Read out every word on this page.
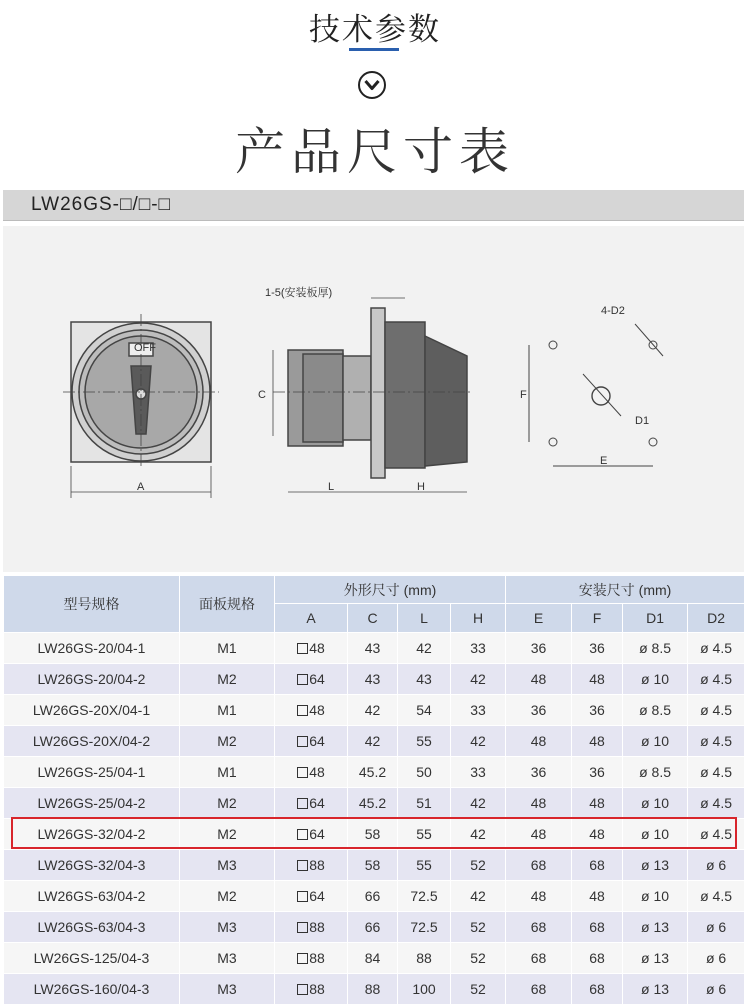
技术参数
产品尺寸表
LW26GS-□/□-□
OFF
A
1-5(安装板厚)
C
L	H
F
E
D1
4-D2
型号规格	面板规格	外形尺寸 (mm)				安装尺寸 (mm)			
		A	C	L	H	E	F	D1	D2
LW26GS-20/04-1	M1	48	43	42	33	36	36	ø 8.5	ø 4.5
LW26GS-20/04-2	M2	64	43	43	42	48	48	ø 10	ø 4.5
LW26GS-20X/04-1	M1	48	42	54	33	36	36	ø 8.5	ø 4.5
LW26GS-20X/04-2	M2	64	42	55	42	48	48	ø 10	ø 4.5
LW26GS-25/04-1	M1	48	45.2	50	33	36	36	ø 8.5	ø 4.5
LW26GS-25/04-2	M2	64	45.2	51	42	48	48	ø 10	ø 4.5
LW26GS-32/04-2	M2	64	58	55	42	48	48	ø 10	ø 4.5
LW26GS-32/04-3	M3	88	58	55	52	68	68	ø 13	ø 6
LW26GS-63/04-2	M2	64	66	72.5	42	48	48	ø 10	ø 4.5
LW26GS-63/04-3	M3	88	66	72.5	52	68	68	ø 13	ø 6
LW26GS-125/04-3	M3	88	84	88	52	68	68	ø 13	ø 6
LW26GS-160/04-3	M3	88	88	100	52	68	68	ø 13	ø 6
